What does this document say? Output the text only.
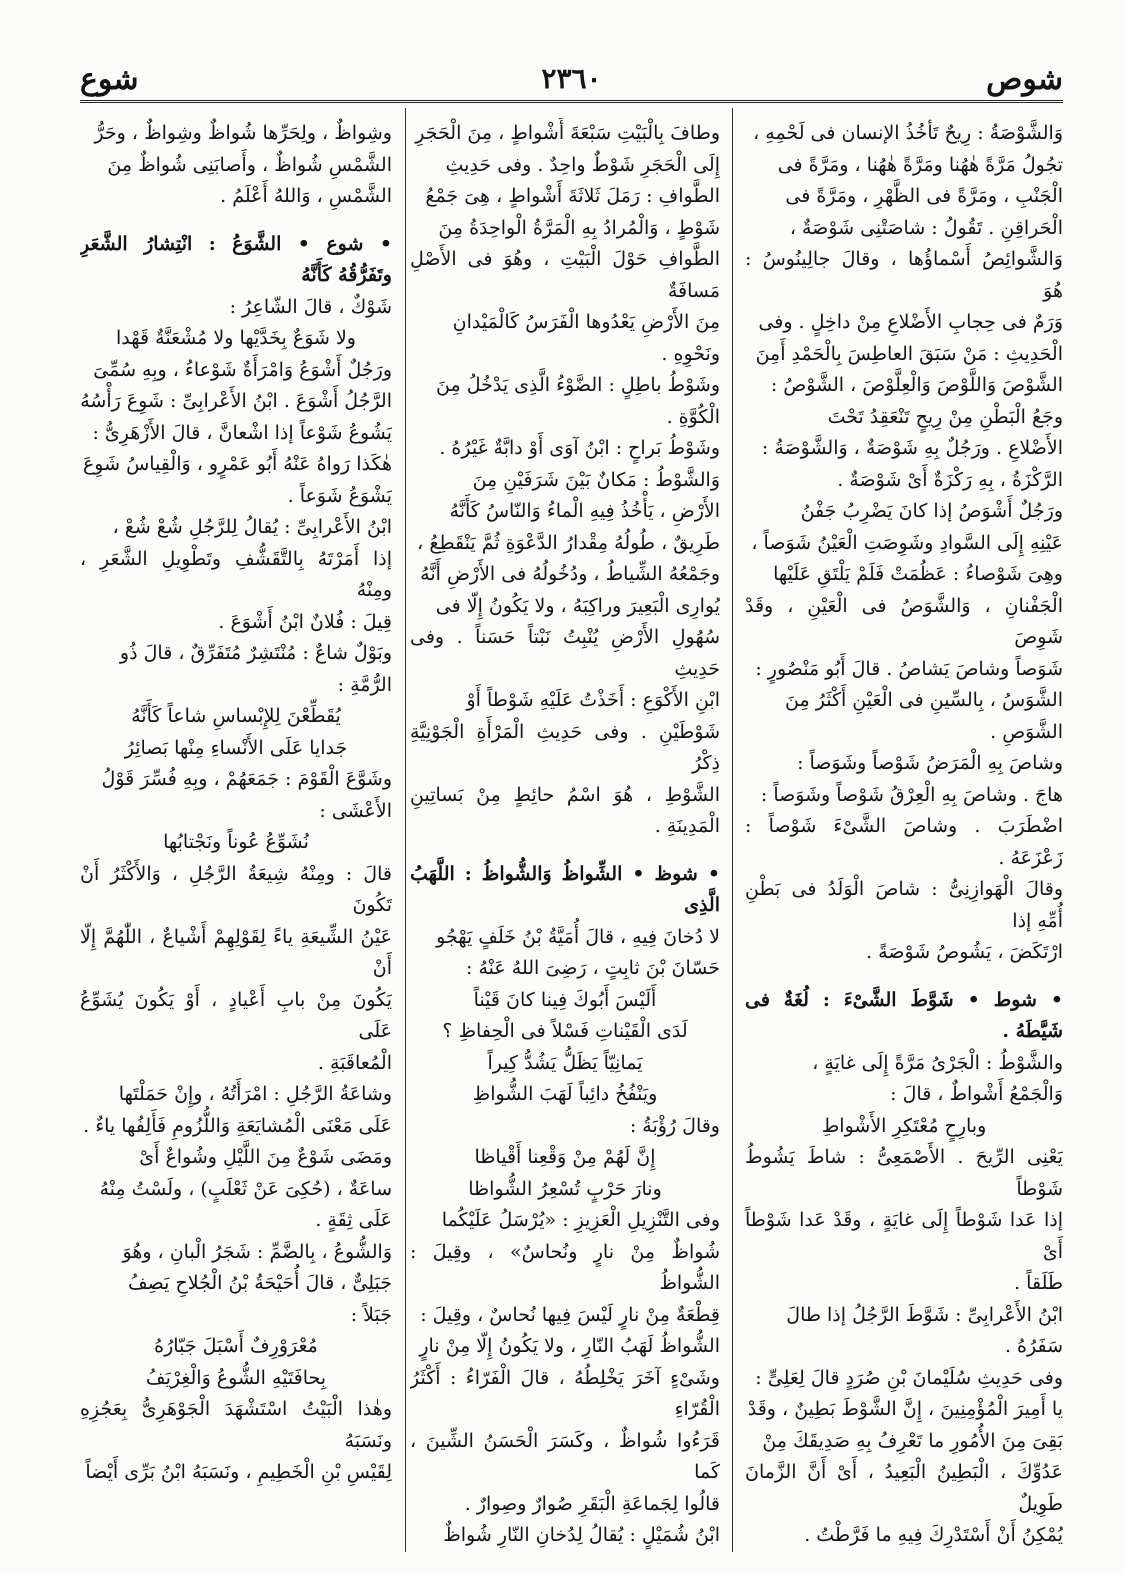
شوص
٢٣٦٠
شوع

وَالشَّوْصَةُ : رِيحٌ تَأْخُذُ الإنسان فى لَحْمِهِ ،

تجُولُ مَرَّةً هٰهُنا ومَرَّةً هٰهُنا ، ومَرَّةً فى

الْجَنْبِ ، ومَرَّةً فى الظَّهْرِ ، ومَرَّةً فى

الْحَراقِنِ . تَقُولُ : شاصَتْنِى شَوْصَةٌ ،

وَالشَّوائِصُ أَسْماؤُها ، وقالَ جالِينُوسُ : هُوَ

وَرَمٌ فى حِجابِ الأَضْلاعِ مِنْ داخِلٍ . وفى

الْحَدِيثِ : مَنْ سَبَقَ العاطِسَ بِالْحَمْدِ أَمِنَ

الشَّوْصَ وَاللَّوْصَ وَالْعِلَّوْصَ ، الشَّوْصُ :

وجَعُ الْبَطْنِ مِنْ رِيحٍ تَنْعَقِدُ تَحْتَ

الأَضْلاعِ . ورَجُلٌ بِهِ شَوْصَةٌ ، وَالشَّوْصَةُ :

الرَّكْزَةُ ، بِهِ رَكْزَةٌ أَىْ شَوْصَةٌ .

ورَجُلٌ أَشْوَصُ إذا كانَ يَضْرِبُ جَفْنُ

عَيْنِهِ إِلَى السَّوادِ وشَوِصَتِ الْعَيْنُ شَوَصاً ،

وهِىَ شَوْصاءُ : عَظُمَتْ فَلَمْ يَلْتَقِ عَلَيْها

الْجَفْنانِ ، وَالشَّوَصُ فى الْعَيْنِ ، وقَدْ شَوِصَ

شَوَصاً وشاصَ يَشاصُ . قالَ أَبُو مَنْصُورٍ :

الشَّوَسُ ، بِالسِّينِ فى الْعَيْنِ أَكْثَرُ مِنَ

الشَّوَصِ .

وشاصَ بِهِ الْمَرَضُ شَوْصاً وشَوَصاً :

هاجَ . وشاصَ بِهِ الْعِرْقُ شَوْصاً وشَوَصاً :

اضْطَرَبَ . وشاصَ الشَّىْءَ شَوْصاً : زَعْزَعَهُ .

وقالَ الْهَوازِنِىُّ : شاصَ الْوَلَدُ فى بَطْنِ أُمِّهِ إذا

ارْتَكَضَ ، يَشُوصُ شَوْصَةً .

• شوط • شَوَّطَ الشَّىْءَ : لُغَةٌ فى شَيَّطَهُ .

والشَّوْطُ : الْجَرْىُ مَرَّةً إِلَى غايَةٍ ،

وَالْجَمْعُ أَشْواطٌ ، قالَ :

وبارِحٍ مُعْتَكِرِ الأَشْواطِ

يَعْنِى الرِّيحَ . الأَصْمَعِىُّ : شاطَ يَشُوطُ شَوْطاً

إذا عَدا شَوْطاً إِلَى غايَةٍ ، وقَدْ عَدا شَوْطاً أَىْ

طَلَقاً .

ابْنُ الأَعْرابِىِّ : شَوَّطَ الرَّجُلُ إذا طالَ

سَفَرُهُ .

وفى حَدِيثِ سُلَيْمانَ بْنِ صُرَدٍ قالَ لِعَلِىٍّ :

يا أَمِيرَ الْمُؤْمِنِينَ ، إِنَّ الشَّوْطَ بَطِينٌ ، وقَدْ

بَقِىَ مِنَ الأُمُورِ ما تَعْرِفُ بِهِ صَدِيقَكَ مِنْ

عَدُوِّكَ ، الْبَطِينُ الْبَعِيدُ ، أَىْ أَنَّ الزَّمانَ طَوِيلٌ

يُمْكِنُ أَنْ أَسْتَدْرِكَ فِيهِ ما فَرَّطْتُ .

وطافَ بِالْبَيْتِ سَبْعَةَ أَشْواطٍ ، مِنَ الْحَجَرِ

إِلَى الْحَجَرِ شَوْطٌ واحِدٌ . وفى حَدِيثِ

الطَّوافِ : رَمَلَ ثَلاثَةَ أَشْواطٍ ، هِىَ جَمْعُ

شَوْطٍ ، وَالْمُرادُ بِهِ الْمَرَّةُ الْواحِدَةُ مِنَ

الطَّوافِ حَوْلَ الْبَيْتِ ، وهُوَ فى الأَصْلِ مَسافَةٌ

مِنَ الأَرْضِ يَعْدُوها الْفَرَسُ كَالْمَيْدانِ

ونَحْوِهِ .

وشَوْطُ باطِلٍ : الضَّوْءُ الَّذِى يَدْخُلُ مِنَ

الْكُوَّةِ .

وشَوْطُ بَراحٍ : ابْنُ آوَى أَوْ دابَّةٌ غَيْرُهُ .

وَالشَّوْطُ : مَكانٌ بَيْنَ شَرَفَيْنِ مِنَ

الأَرْضِ ، يَأْخُذُ فِيهِ الْماءُ وَالنّاسُ كَأَنَّهُ

طَرِيقٌ ، طُولُهُ مِقْدارُ الدَّعْوَةِ ثُمَّ يَنْقَطِعُ ،

وجَمْعُهُ الشِّياطُ ، ودُخُولُهُ فى الأَرْضِ أَنَّهُ

يُوارِى الْبَعِيرَ وراكِبَهُ ، ولا يَكُونُ إِلّا فى

سُهُولِ الأَرْضِ يُنْبِتُ نَبْتاً حَسَناً . وفى حَدِيثِ

ابْنِ الأَكْوَعِ : أَخَذْتُ عَلَيْهِ شَوْطاً أَوْ

شَوْطَيْنِ . وفى حَدِيثِ الْمَرْأَةِ الْجَوْنِيَّةِ ذِكْرُ

الشَّوْطِ ، هُوَ اسْمُ حائِطٍ مِنْ بَساتِينِ الْمَدِينَةِ .

• شوظ • الشِّواظُ وَالشُّواظُ : اللَّهَبُ الَّذِى

لا دُخانَ فِيهِ ، قالَ أُمَيَّةُ بْنُ خَلَفٍ يَهْجُو

حَسّانَ بْنَ ثابِتٍ ، رَضِىَ اللهُ عَنْهُ :

أَلَيْسَ أَبُوكَ فِينا كانَ قَيْناً

لَدَى الْقَيْناتِ فَسْلاً فى الْحِفاظِ ؟

يَمانِيّاً يَظَلُّ يَشُدُّ كِيراً

ويَنْفُخُ دائِباً لَهَبَ الشُّواظِ

وقالَ رُؤْبَةُ :

إِنَّ لَهُمْ مِنْ وَقْعِنا أَقْياظا

ونارَ حَرْبٍ تُسْعِرُ الشُّواظا

وفى التَّنْزِيلِ الْعَزِيزِ : «يُرْسَلُ عَلَيْكُما

شُواظٌ مِنْ نارٍ ونُحاسٌ» ، وقِيلَ : الشُّواظُ

قِطْعَةٌ مِنْ نارٍ لَيْسَ فِيها نُحاسٌ ، وقِيلَ :

الشُّواظُ لَهَبُ النّارِ ، ولا يَكُونُ إِلّا مِنْ نارٍ

وشَىْءٍ آخَرَ يَخْلِطُهُ ، قالَ الْفَرّاءُ : أَكْثَرُ الْقُرّاءِ

قَرَءُوا شُواظٌ ، وكَسَرَ الْحَسَنُ الشِّينَ ، كَما

قالُوا لِجَماعَةِ الْبَقَرِ صُوارٌ وصِوارٌ .

ابْنُ شُمَيْلٍ : يُقالُ لِدُخانِ النّارِ شُواظٌ

وشِواظٌ ، ولِحَرِّها شُواظٌ وشِواظٌ ، وحَرُّ

الشَّمْسِ شُواظٌ ، وأَصابَنِى شُواظٌ مِنَ

الشَّمْسِ ، وَاللهُ أَعْلَمُ .

• شوع • الشَّوَعُ : انْتِشارُ الشَّعَرِ وتَفَرُّقُهُ كَأَنَّهُ

شَوْكٌ ، قالَ الشّاعِرُ :

ولا شَوَعٌ بِخَدَّيْها ولا مُشْعَنَّةٌ قَهْدا

ورَجُلٌ أَشْوَعُ وَامْرَأَةٌ شَوْعاءُ ، وبِهِ سُمِّىَ

الرَّجُلُ أَشْوَعَ . ابْنُ الأَعْرابِىِّ : شَوِعَ رَأْسُهُ

يَشُوعُ شَوْعاً إذا اشْعانَّ ، قالَ الأَزْهَرِىُّ :

هٰكَذا رَواهُ عَنْهُ أَبُو عَمْرٍو ، وَالْقِياسُ شَوِعَ

يَشْوَعُ شَوَعاً .

ابْنُ الأَعْرابِىِّ : يُقالُ لِلرَّجُلِ شُعْ شُعْ ،

إذا أَمَرْتَهُ بِالتَّقَشُّفِ وتَطْوِيلِ الشَّعَرِ ، ومِنْهُ

قِيلَ : فُلانٌ ابْنُ أَشْوَعَ .

وبَوْلٌ شاعٌ : مُنْتَشِرٌ مُتَفَرِّقٌ ، قالَ ذُو

الرُّمَّةِ :

يُقَطِّعْنَ لِلإِبْساسِ شاعاً كَأَنَّهُ

جَدايا عَلَى الأَنْساءِ مِنْها بَصائِرُ

وشَوَّعَ الْقَوْمَ : جَمَعَهُمْ ، وبِهِ فُسِّرَ قَوْلُ

الأَعْشَى :

نُشَوِّعُ عُوناً ونَجْتابُها

قالَ : ومِنْهُ شِيعَةُ الرَّجُلِ ، وَالأَكْثَرُ أَنْ تَكُونَ

عَيْنُ الشِّيعَةِ ياءً لِقَوْلِهِمْ أَشْياعٌ ، اللّٰهُمَّ إِلّا أَنْ

يَكُونَ مِنْ بابِ أَعْيادٍ ، أَوْ يَكُونَ يُشَوِّعُ عَلَى

الْمُعاقَبَةِ .

وشاعَةُ الرَّجُلِ : امْرَأَتُهُ ، وإِنْ حَمَلْتَها

عَلَى مَعْنَى الْمُشايَعَةِ وَاللُّزُومِ فَأَلِفُها ياءٌ .

ومَضَى شَوْعٌ مِنَ اللَّيْلِ وشُواعٌ أَىْ

ساعَةٌ ، (حُكِىَ عَنْ ثَعْلَبٍ) ، ولَسْتُ مِنْهُ

عَلَى ثِقَةٍ .

وَالشُّوعُ ، بِالضَّمِّ : شَجَرُ الْبانِ ، وهُوَ

جَبَلِىٌّ ، قالَ أُحَيْحَةُ بْنُ الْجُلاحِ يَصِفُ

جَبَلاً :

مُعْرَوْرِفٌ أَسْبَلَ جَبّارُهُ

بِحافَتَيْهِ الشُّوعُ وَالْغِرْيَفُ

وهٰذا الْبَيْتُ اسْتَشْهَدَ الْجَوْهَرِىُّ بِعَجُزِهِ ونَسَبَهُ

لِقَيْسِ بْنِ الْخَطِيمِ ، ونَسَبَهُ ابْنُ بَرِّى أَيْضاً
